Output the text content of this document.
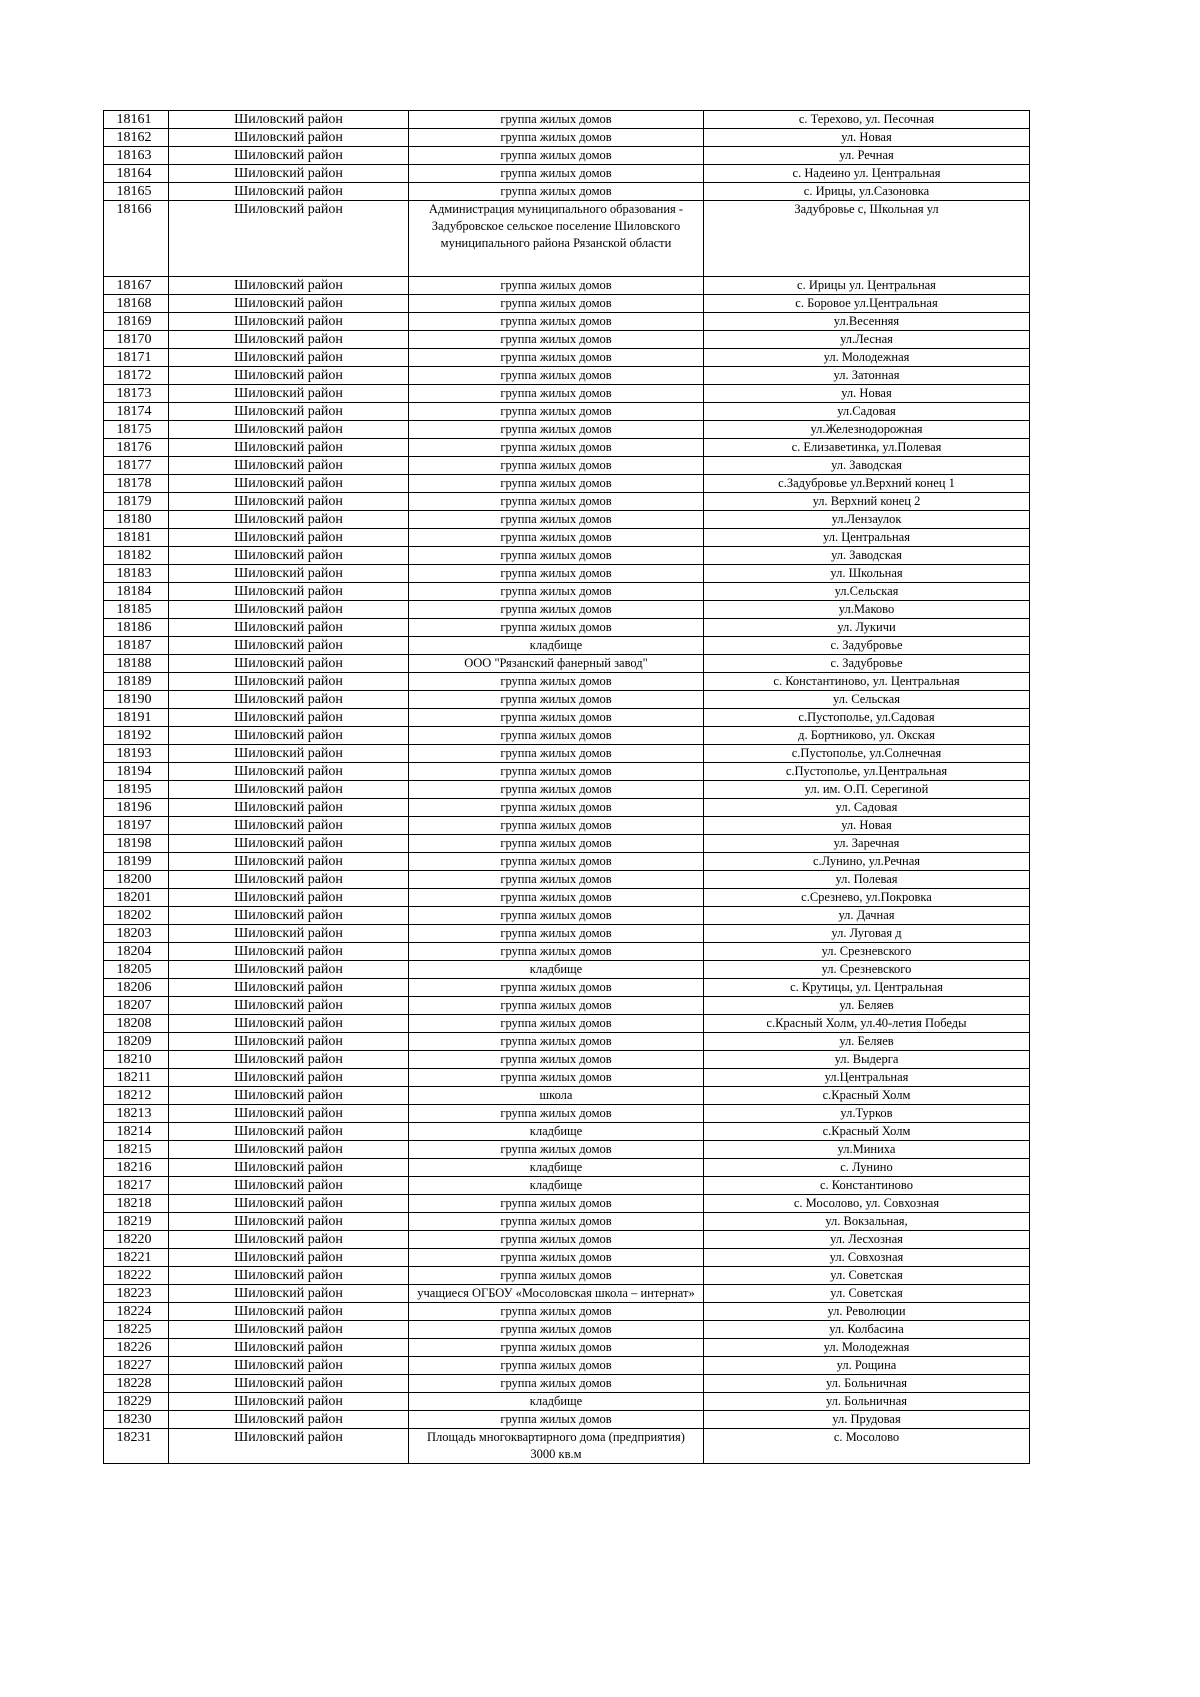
18161	Шиловский район	группа жилых домов	с. Терехово, ул. Песочная
18162	Шиловский район	группа жилых домов	ул. Новая
18163	Шиловский район	группа жилых домов	ул. Речная
18164	Шиловский район	группа жилых домов	с. Надеино ул. Центральная
18165	Шиловский район	группа жилых домов	с. Ирицы, ул.Сазоновка
18166	Шиловский район	Администрация муниципального образования - Задубровское сельское поселение Шиловского муниципального района Рязанской области	Задубровье с, Школьная ул
18167	Шиловский район	группа жилых домов	с. Ирицы ул. Центральная
18168	Шиловский район	группа жилых домов	с. Боровое ул.Центральная
18169	Шиловский район	группа жилых домов	ул.Весенняя
18170	Шиловский район	группа жилых домов	ул.Лесная
18171	Шиловский район	группа жилых домов	ул. Молодежная
18172	Шиловский район	группа жилых домов	ул. Затонная
18173	Шиловский район	группа жилых домов	ул. Новая
18174	Шиловский район	группа жилых домов	ул.Садовая
18175	Шиловский район	группа жилых домов	ул.Железнодорожная
18176	Шиловский район	группа жилых домов	с. Елизаветинка, ул.Полевая
18177	Шиловский район	группа жилых домов	ул. Заводская
18178	Шиловский район	группа жилых домов	с.Задубровье ул.Верхний конец 1
18179	Шиловский район	группа жилых домов	ул. Верхний конец 2
18180	Шиловский район	группа жилых домов	ул.Лензаулок
18181	Шиловский район	группа жилых домов	ул. Центральная
18182	Шиловский район	группа жилых домов	ул. Заводская
18183	Шиловский район	группа жилых домов	ул. Школьная
18184	Шиловский район	группа жилых домов	ул.Сельская
18185	Шиловский район	группа жилых домов	ул.Маково
18186	Шиловский район	группа жилых домов	ул. Лукичи
18187	Шиловский район	кладбище	с. Задубровье
18188	Шиловский район	ООО "Рязанский фанерный завод"	с. Задубровье
18189	Шиловский район	группа жилых домов	с. Константиново, ул. Центральная
18190	Шиловский район	группа жилых домов	ул. Сельская
18191	Шиловский район	группа жилых домов	с.Пустополье, ул.Садовая
18192	Шиловский район	группа жилых домов	д. Бортниково, ул. Окская
18193	Шиловский район	группа жилых домов	с.Пустополье, ул.Солнечная
18194	Шиловский район	группа жилых домов	с.Пустополье, ул.Центральная
18195	Шиловский район	группа жилых домов	ул. им. О.П. Серегиной
18196	Шиловский район	группа жилых домов	ул. Садовая
18197	Шиловский район	группа жилых домов	ул. Новая
18198	Шиловский район	группа жилых домов	ул. Заречная
18199	Шиловский район	группа жилых домов	с.Лунино, ул.Речная
18200	Шиловский район	группа жилых домов	ул. Полевая
18201	Шиловский район	группа жилых домов	с.Срезнево, ул.Покровка
18202	Шиловский район	группа жилых домов	ул. Дачная
18203	Шиловский район	группа жилых домов	ул. Луговая д
18204	Шиловский район	группа жилых домов	ул. Срезневского
18205	Шиловский район	кладбище	ул. Срезневского
18206	Шиловский район	группа жилых домов	с. Крутицы, ул. Центральная
18207	Шиловский район	группа жилых домов	ул. Беляев
18208	Шиловский район	группа жилых домов	с.Красный Холм, ул.40-летия Победы
18209	Шиловский район	группа жилых домов	ул. Беляев
18210	Шиловский район	группа жилых домов	ул. Выдерга
18211	Шиловский район	группа жилых домов	ул.Центральная
18212	Шиловский район	школа	с.Красный Холм
18213	Шиловский район	группа жилых домов	ул.Турков
18214	Шиловский район	кладбище	с.Красный Холм
18215	Шиловский район	группа жилых домов	ул.Миниха
18216	Шиловский район	кладбище	с. Лунино
18217	Шиловский район	кладбище	с. Константиново
18218	Шиловский район	группа жилых домов	с. Мосолово, ул. Совхозная
18219	Шиловский район	группа жилых домов	ул. Вокзальная,
18220	Шиловский район	группа жилых домов	ул. Лесхозная
18221	Шиловский район	группа жилых домов	ул. Совхозная
18222	Шиловский район	группа жилых домов	ул. Советская
18223	Шиловский район	учащиеся ОГБОУ «Мосоловская школа – интернат»	ул. Советская
18224	Шиловский район	группа жилых домов	ул. Революции
18225	Шиловский район	группа жилых домов	ул. Колбасина
18226	Шиловский район	группа жилых домов	ул. Молодежная
18227	Шиловский район	группа жилых домов	ул. Рощина
18228	Шиловский район	группа жилых домов	ул. Больничная
18229	Шиловский район	кладбище	ул. Больничная
18230	Шиловский район	группа жилых домов	ул. Прудовая
18231	Шиловский район	Площадь многоквартирного дома (предприятия) 3000 кв.м	с. Мосолово
